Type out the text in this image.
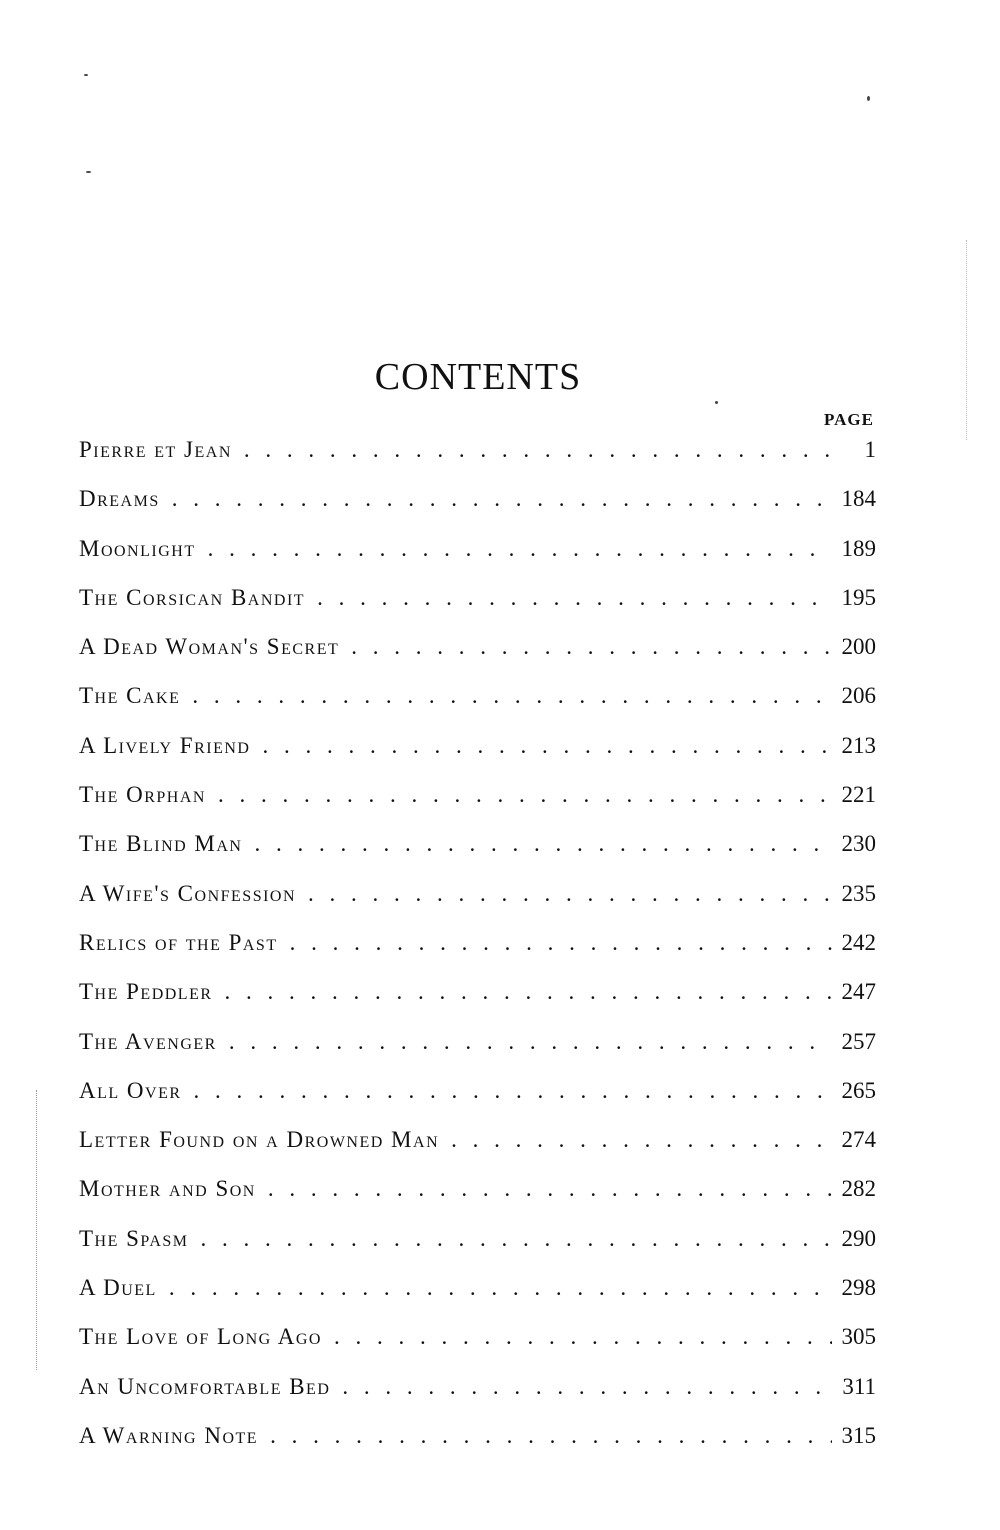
CONTENTS
PAGE
Pierre et Jean . . .	1
Dreams . . .	184
Moonlight . . .	189
The Corsican Bandit . . .	195
A Dead Woman's Secret . . .	200
The Cake . . .	206
A Lively Friend . . .	213
The Orphan . . .	221
The Blind Man . . .	230
A Wife's Confession . . .	235
Relics of the Past . . .	242
The Peddler . . .	247
The Avenger . . .	257
All Over . . .	265
Letter Found on a Drowned Man . . .	274
Mother and Son . . .	282
The Spasm . . .	290
A Duel . . .	298
The Love of Long Ago . . .	305
An Uncomfortable Bed . . .	311
A Warning Note . . .	315
